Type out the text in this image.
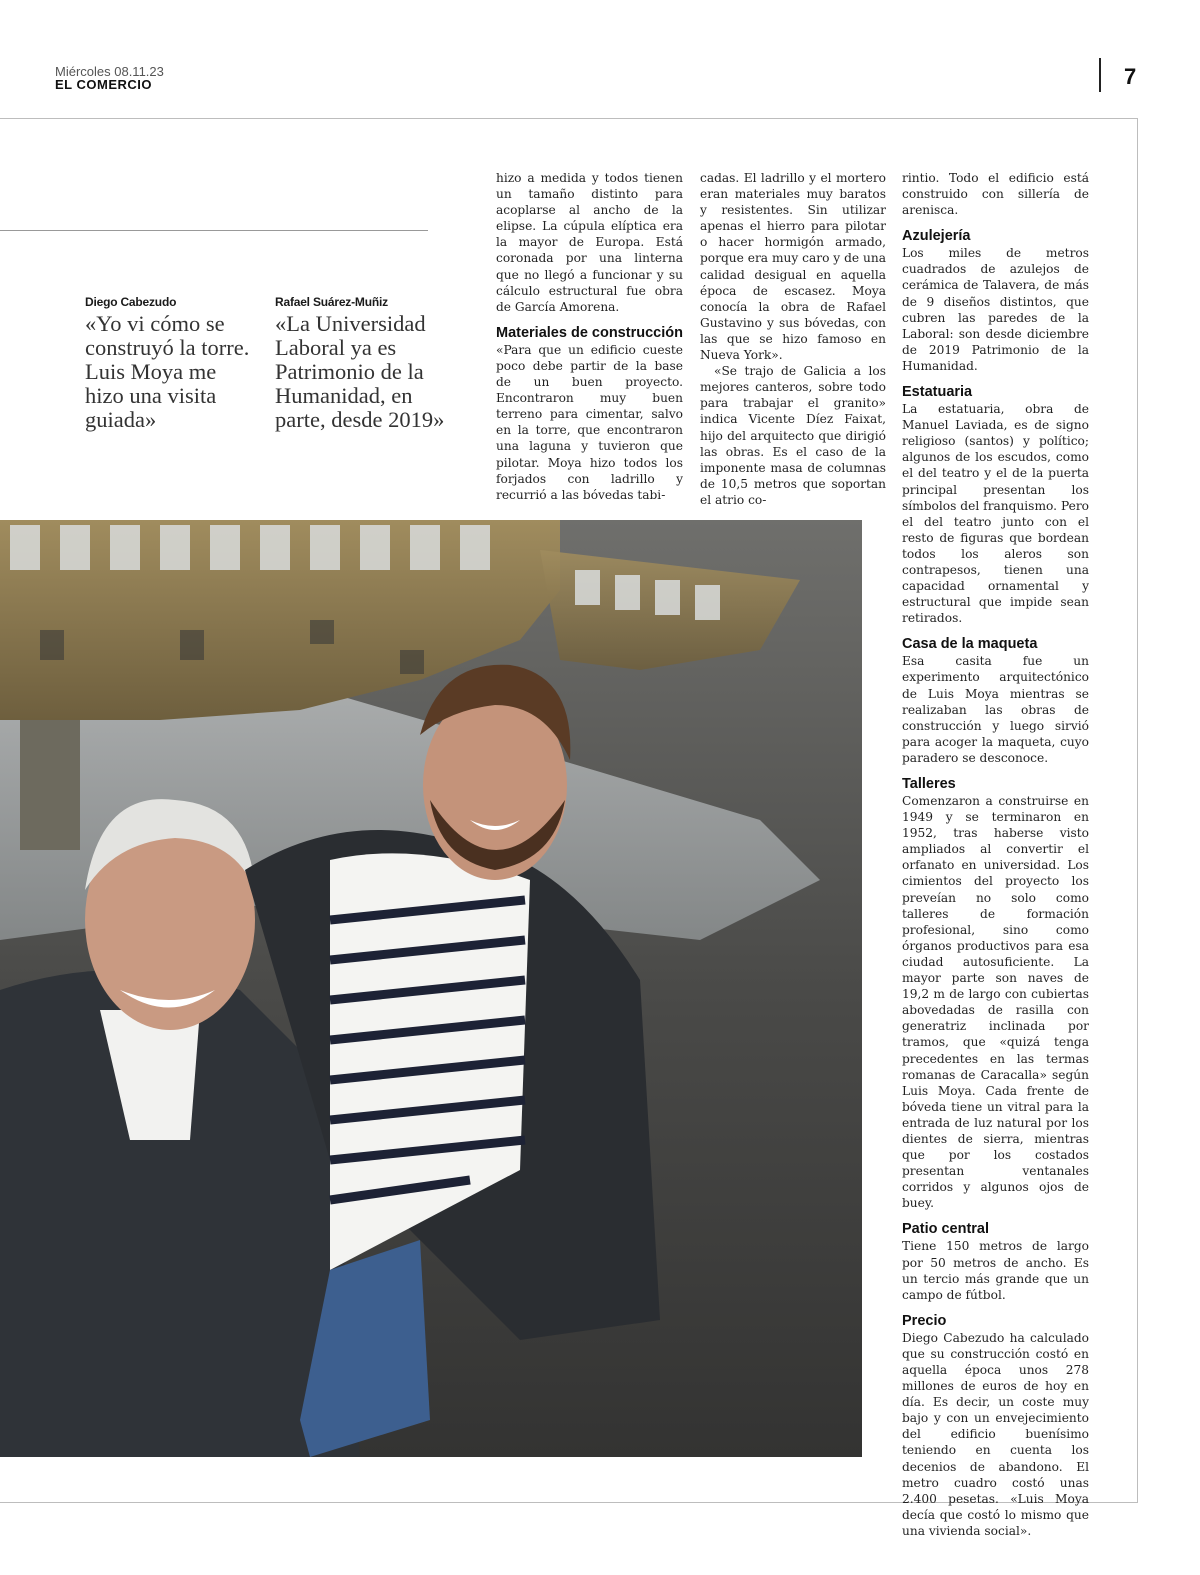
Miércoles 08.11.23
EL COMERCIO	7
Diego Cabezudo
«Yo vi cómo se construyó la torre. Luis Moya me hizo una visita guiada»
Rafael Suárez-Muñiz
«La Universidad Laboral ya es Patrimonio de la Humanidad, en parte, desde 2019»

hizo a medida y todos tienen un tamaño distinto para acoplarse al ancho de la elipse. La cúpula elíptica era la mayor de Europa. Está coronada por una linterna que no llegó a funcionar y su cálculo estructural fue obra de García Amorena.

Materiales de construcción

«Para que un edificio cueste poco debe partir de la base de un buen proyecto. Encontraron muy buen terreno para cimentar, salvo en la torre, que encontraron una laguna y tuvieron que pilotar. Moya hizo todos los forjados con ladrillo y recurrió a las bóvedas tabi-

cadas. El ladrillo y el mortero eran materiales muy baratos y resistentes. Sin utilizar apenas el hierro para pilotar o hacer hormigón armado, porque era muy caro y de una calidad desigual en aquella época de escasez. Moya conocía la obra de Rafael Gustavino y sus bóvedas, con las que se hizo famoso en Nueva York».

«Se trajo de Galicia a los mejores canteros, sobre todo para trabajar el granito» indica Vicente Díez Faixat, hijo del arquitecto que dirigió las obras. Es el caso de la imponente masa de columnas de 10,5 metros que soportan el atrio co-

rintio. Todo el edificio está construido con sillería de arenisca.

Azulejería

Los miles de metros cuadrados de azulejos de cerámica de Talavera, de más de 9 diseños distintos, que cubren las paredes de la Laboral: son desde diciembre de 2019 Patrimonio de la Humanidad.

Estatuaria

La estatuaria, obra de Manuel Laviada, es de signo religioso (santos) y político; algunos de los escudos, como el del teatro y el de la puerta principal presentan los símbolos del franquismo. Pero el del teatro junto con el resto de figuras que bordean todos los aleros son contrapesos, tienen una capacidad ornamental y estructural que impide sean retirados.

Casa de la maqueta

Esa casita fue un experimento arquitectónico de Luis Moya mientras se realizaban las obras de construcción y luego sirvió para acoger la maqueta, cuyo paradero se desconoce.

Talleres

Comenzaron a construirse en 1949 y se terminaron en 1952, tras haberse visto ampliados al convertir el orfanato en universidad. Los cimientos del proyecto los preveían no solo como talleres de formación profesional, sino como órganos productivos para esa ciudad autosuficiente. La mayor parte son naves de 19,2 m de largo con cubiertas abovedadas de rasilla con generatriz inclinada por tramos, que «quizá tenga precedentes en las termas romanas de Caracalla» según Luis Moya. Cada frente de bóveda tiene un vitral para la entrada de luz natural por los dientes de sierra, mientras que por los costados presentan ventanales corridos y algunos ojos de buey.

Patio central

Tiene 150 metros de largo por 50 metros de ancho. Es un tercio más grande que un campo de fútbol.

Precio

Diego Cabezudo ha calculado que su construcción costó en aquella época unos 278 millones de euros de hoy en día. Es decir, un coste muy bajo y con un envejecimiento del edificio buenísimo teniendo en cuenta los decenios de abandono. El metro cuadro costó unas 2.400 pesetas. «Luis Moya decía que costó lo mismo que una vivienda social».
